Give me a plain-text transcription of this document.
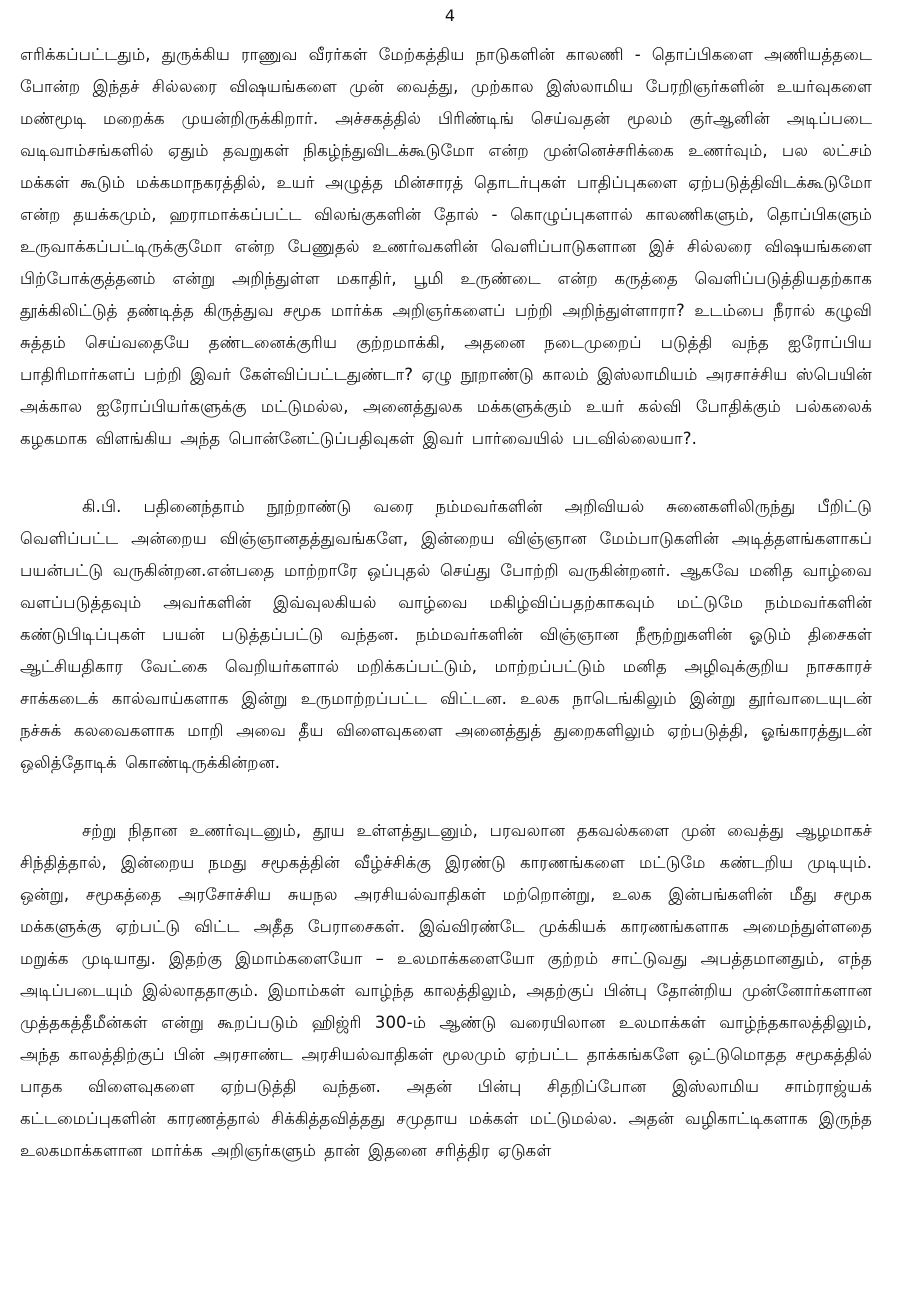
4

எரிக்கப்பட்டதும், துருக்கிய ராணுவ வீரர்கள் மேற்கத்திய நாடுகளின் காலணி - தொப்பிகளை அணியத்தடை போன்ற இந்தச் சில்லரை விஷயங்களை முன் வைத்து, முற்கால இஸ்லாமிய பேரறிஞர்களின் உயர்வுகளை மண்மூடி மறைக்க முயன்றிருக்கிறார். அச்சகத்தில் பிரிண்டிங் செய்வதன் மூலம் குர்ஆனின் அடிப்படை வடிவாம்சங்களில் ஏதும் தவறுகள் நிகழ்ந்துவிடக்கூடுமோ என்ற முன்னெச்சரிக்கை உணர்வும், பல லட்சம் மக்கள் கூடும் மக்கமாநகரத்தில், உயர் அழுத்த மின்சாரத் தொடர்புகள் பாதிப்புகளை ஏற்படுத்திவிடக்கூடுமோ என்ற தயக்கமும், ஹராமாக்கப்பட்ட விலங்குகளின் தோல் - கொழுப்புகளால் காலணிகளும், தொப்பிகளும் உருவாக்கப்பட்டிருக்குமோ என்ற பேணுதல் உணர்வகளின் வெளிப்பாடுகளான இச் சில்லரை விஷயங்களை பிற்போக்குத்தனம் என்று அறிந்துள்ள மகாதிர், பூமி உருண்டை என்ற கருத்தை வெளிப்படுத்தியதற்காக தூக்கிலிட்டுத் தண்டித்த கிருத்துவ சமூக மார்க்க அறிஞர்களைப் பற்றி அறிந்துள்ளாரா? உடம்பை நீரால் கழுவி சுத்தம் செய்வதையே தண்டனைக்குரிய குற்றமாக்கி, அதனை நடைமுறைப் படுத்தி வந்த ஐரோப்பிய பாதிரிமார்களப் பற்றி இவர் கேள்விப்பட்டதுண்டா? ஏழு நூறாண்டு காலம் இஸ்லாமியம் அரசாச்சிய ஸ்பெயின் அக்கால ஐரோப்பியர்களுக்கு மட்டுமல்ல, அனைத்துலக மக்களுக்கும் உயர் கல்வி போதிக்கும் பல்கலைக் கழகமாக விளங்கிய அந்த பொன்னேட்டுப்பதிவுகள் இவர் பார்வையில் படவில்லையா?.

கி.பி. பதினைந்தாம் நூற்றாண்டு வரை நம்மவர்களின் அறிவியல் சுனைகளிலிருந்து பீறிட்டு வெளிப்பட்ட அன்றைய விஞ்ஞானதத்துவங்களே, இன்றைய விஞ்ஞான மேம்பாடுகளின் அடித்தளங்களாகப் பயன்பட்டு வருகின்றன.என்பதை மாற்றாரே ஒப்புதல் செய்து போற்றி வருகின்றனர். ஆகவே மனித வாழ்வை வளப்படுத்தவும் அவர்களின் இவ்வுலகியல் வாழ்வை மகிழ்விப்பதற்காகவும் மட்டுமே நம்மவர்களின் கண்டுபிடிப்புகள் பயன் படுத்தப்பட்டு வந்தன. நம்மவர்களின் விஞ்ஞான நீரூற்றுகளின் ஓடும் திசைகள் ஆட்சியதிகார வேட்கை வெறியர்களால் மறிக்கப்பட்டும், மாற்றப்பட்டும் மனித அழிவுக்குறிய நாசகாரச் சாக்கடைக் கால்வாய்களாக இன்று உருமாற்றப்பட்ட விட்டன. உலக நாடெங்கிலும் இன்று தூர்வாடையுடன் நச்சுக் கலவைகளாக மாறி அவை தீய விளைவுகளை அனைத்துத் துறைகளிலும் ஏற்படுத்தி, ஓங்காரத்துடன் ஒலித்தோடிக் கொண்டிருக்கின்றன.

சற்று நிதான உணர்வுடனும், தூய உள்ளத்துடனும், பரவலான தகவல்களை முன் வைத்து ஆழமாகச் சிந்தித்தால், இன்றைய நமது சமூகத்தின் வீழ்ச்சிக்கு இரண்டு காரணங்களை மட்டுமே கண்டறிய முடியும். ஒன்று, சமூகத்தை அரசோச்சிய சுயநல அரசியல்வாதிகள் மற்றொன்று, உலக இன்பங்களின் மீது சமூக மக்களுக்கு ஏற்பட்டு விட்ட அதீத பேராசைகள். இவ்விரண்டே முக்கியக் காரணங்களாக அமைந்துள்ளதை மறுக்க முடியாது. இதற்கு இமாம்களையோ – உலமாக்களையோ குற்றம் சாட்டுவது அபத்தமானதும், எந்த அடிப்படையும் இல்லாததாகும். இமாம்கள் வாழ்ந்த காலத்திலும், அதற்குப் பின்பு தோன்றிய முன்னோர்களான முத்தகத்தீமீன்கள் என்று கூறப்படும் ஹிஜ்ரி 300-ம் ஆண்டு வரையிலான உலமாக்கள் வாழ்ந்தகாலத்திலும், அந்த காலத்திற்குப் பின் அரசாண்ட அரசியல்வாதிகள் மூலமும் ஏற்பட்ட தாக்கங்களே ஒட்டுமொதத சமூகத்தில் பாதக விளைவுகளை ஏற்படுத்தி வந்தன. அதன் பின்பு சிதறிப்போன இஸ்லாமிய சாம்ராஜ்யக் கட்டமைப்புகளின் காரணத்தால் சிக்கித்தவித்தது சமுதாய மக்கள் மட்டுமல்ல. அதன் வழிகாட்டிகளாக இருந்த உலகமாக்களான மார்க்க அறிஞர்களும் தான் இதனை சரித்திர ஏடுகள்
